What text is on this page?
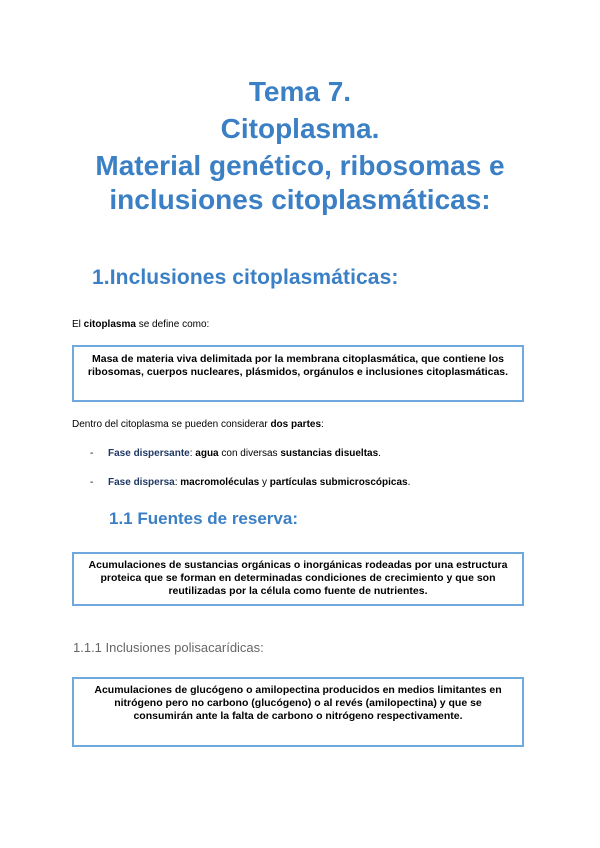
Tema 7.
Citoplasma.
Material genético, ribosomas e
inclusiones citoplasmáticas:
1.Inclusiones citoplasmáticas:
El citoplasma se define como:
Masa de materia viva delimitada por la membrana citoplasmática, que contiene los ribosomas, cuerpos nucleares, plásmidos, orgánulos e inclusiones citoplasmáticas.
Dentro del citoplasma se pueden considerar dos partes:
- Fase dispersante: agua con diversas sustancias disueltas.
- Fase dispersa: macromoléculas y partículas submicroscópicas.
1.1 Fuentes de reserva:
Acumulaciones de sustancias orgánicas o inorgánicas rodeadas por una estructura proteica que se forman en determinadas condiciones de crecimiento y que son reutilizadas por la célula como fuente de nutrientes.
1.1.1 Inclusiones polisacarídicas:
Acumulaciones de glucógeno o amilopectina producidos en medios limitantes en nitrógeno pero no carbono (glucógeno) o al revés (amilopectina) y que se consumirán ante la falta de carbono o nitrógeno respectivamente.
